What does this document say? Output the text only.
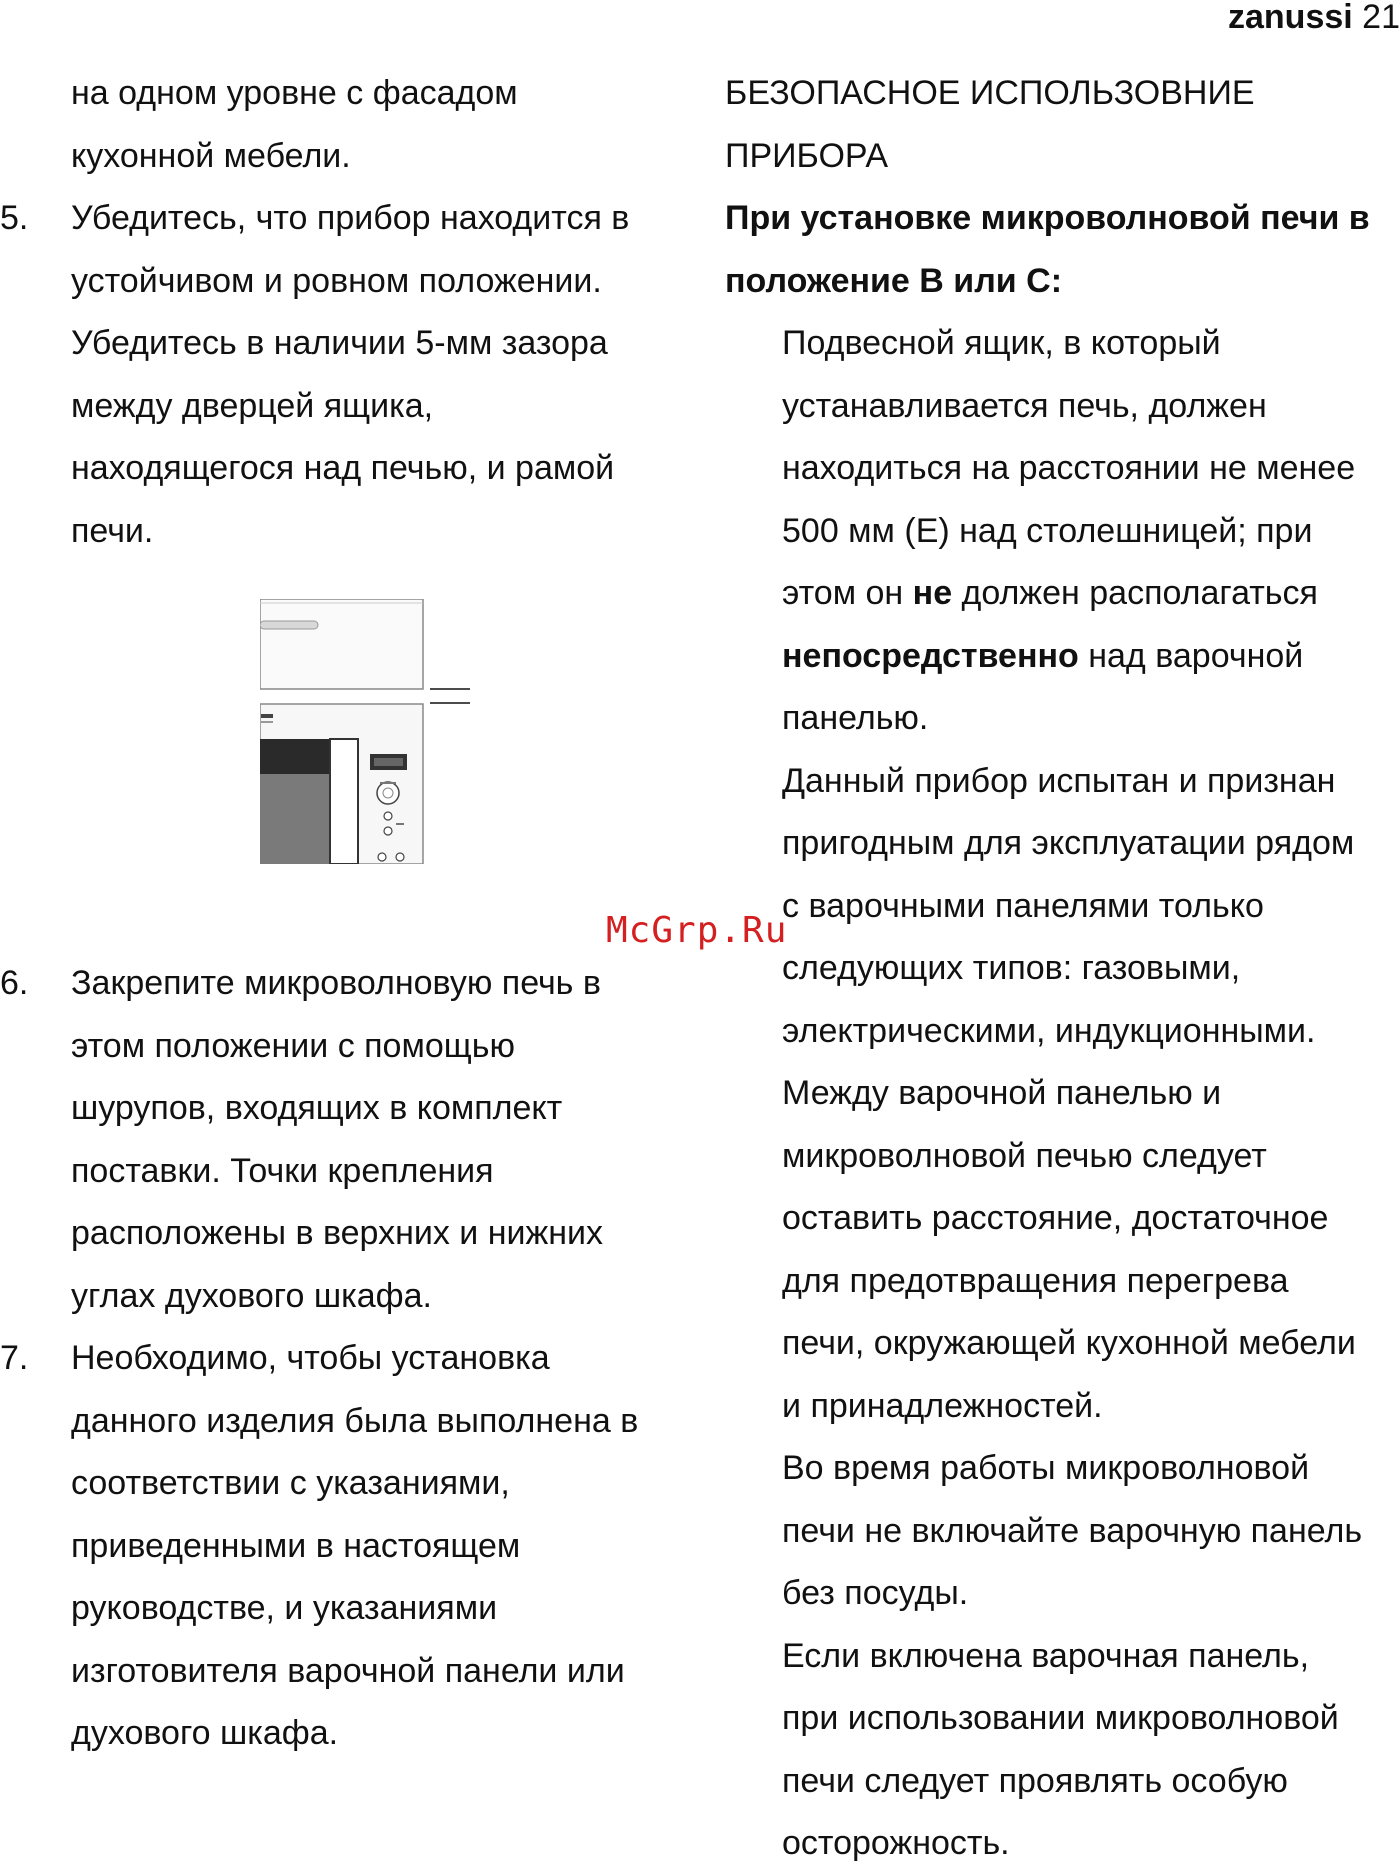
zanussi 21
на одном уровне с фасадом
кухонной мебели.
5.	Убедитесь, что прибор находится в
устойчивом и ровном положении.
Убедитесь в наличии 5-мм зазора
между дверцей ящика,
находящегося над печью, и рамой
печи.
6.	Закрепите микроволновую печь в
этом положении с помощью
шурупов, входящих в комплект
поставки. Точки крепления
расположены в верхних и нижних
углах духового шкафа.
7.	Необходимо, чтобы установка
данного изделия была выполнена в
соответствии с указаниями,
приведенными в настоящем
руководстве, и указаниями
изготовителя варочной панели или
духового шкафа.
БЕЗОПАСНОЕ ИСПОЛЬЗОВНИЕ
ПРИБОРА
При установке микроволновой печи в
положение B или C:
Подвесной ящик, в который
устанавливается печь, должен
находиться на расстоянии не менее
500 мм (E) над столешницей; при
этом он не должен располагаться
непосредственно над варочной
панелью.
Данный прибор испытан и признан
пригодным для эксплуатации рядом
с варочными панелями только
следующих типов: газовыми,
электрическими, индукционными.
Между варочной панелью и
микроволновой печью следует
оставить расстояние, достаточное
для предотвращения перегрева
печи, окружающей кухонной мебели
и принадлежностей.
Во время работы микроволновой
печи не включайте варочную панель
без посуды.
Если включена варочная панель,
при использовании микроволновой
печи следует проявлять особую
осторожность.
McGrp.Ru
